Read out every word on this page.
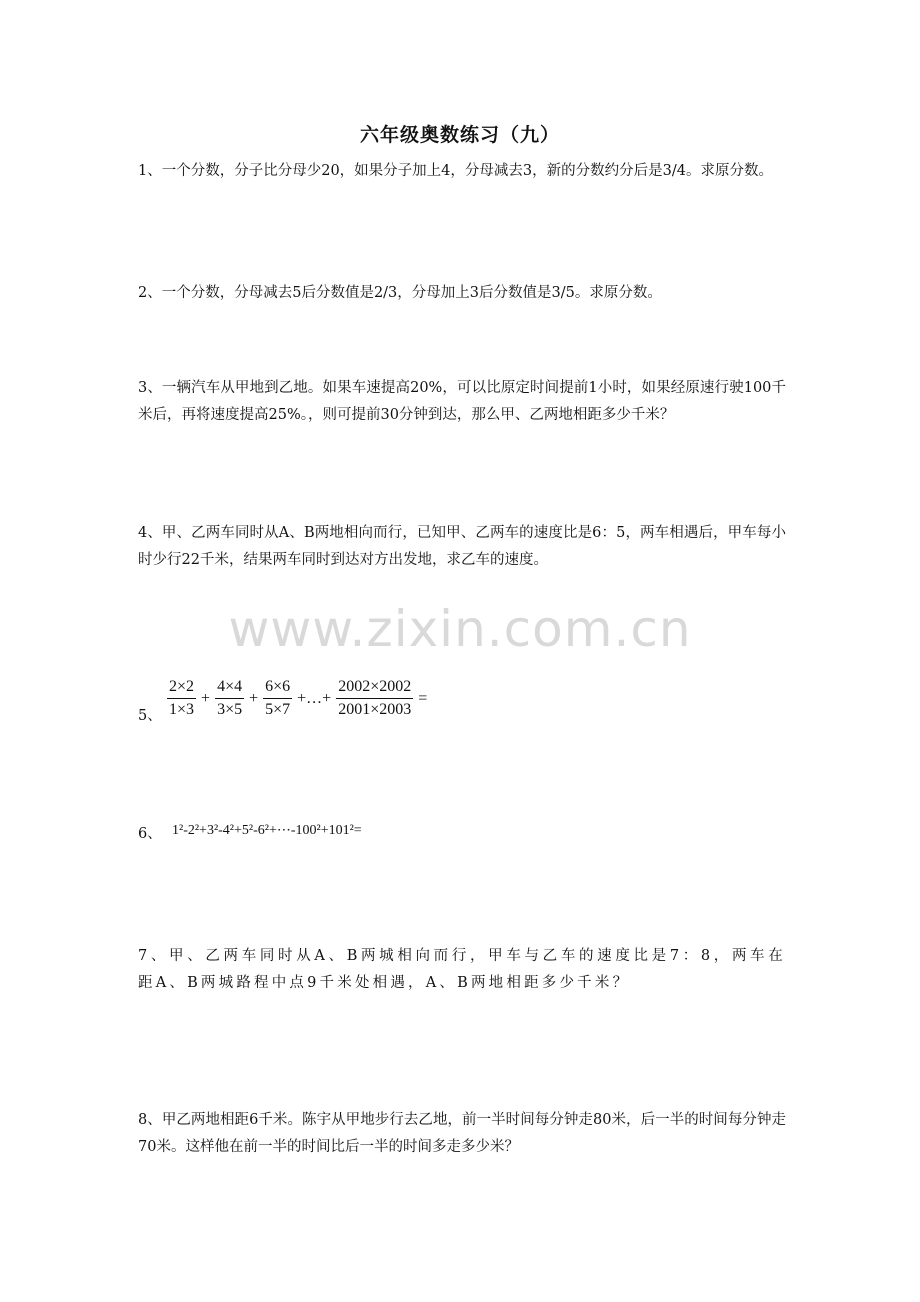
六年级奥数练习（九）

1、一个分数，分子比分母少20，如果分子加上4，分母减去3，新的分数约分后是3/4。求原分数。

2、一个分数，分母减去5后分数值是2/3，分母加上3后分数值是3/5。求原分数。

3、一辆汽车从甲地到乙地。如果车速提高20%，可以比原定时间提前1小时，如果经原速行驶100千米后，再将速度提高25%。，则可提前30分钟到达，那么甲、乙两地相距多少千米？

4、甲、乙两车同时从A、B两地相向而行，已知甲、乙两车的速度比是6：5，两车相遇后，甲车每小时少行22千米，结果两车同时到达对方出发地，求乙车的速度。

www.zixin.com.cn
5、 $\frac{2\times 2}{1\times 3} + \frac{4\times 4}{3\times 5} + \frac{6\times 6}{5\times 7}$ +…+ $\frac{2002\times 2002}{2001\times 2003}$ =
6、 1²-2²+3²-4²+5²-6²+⋯-100²+101²=

7、甲、乙两车同时从A、B两城相向而行，甲车与乙车的速度比是7：8，两车在距A、B两城路程中点9千米处相遇，A、B两地相距多少千米？

8、甲乙两地相距6千米。陈宇从甲地步行去乙地，前一半时间每分钟走80米，后一半的时间每分钟走70米。这样他在前一半的时间比后一半的时间多走多少米？
